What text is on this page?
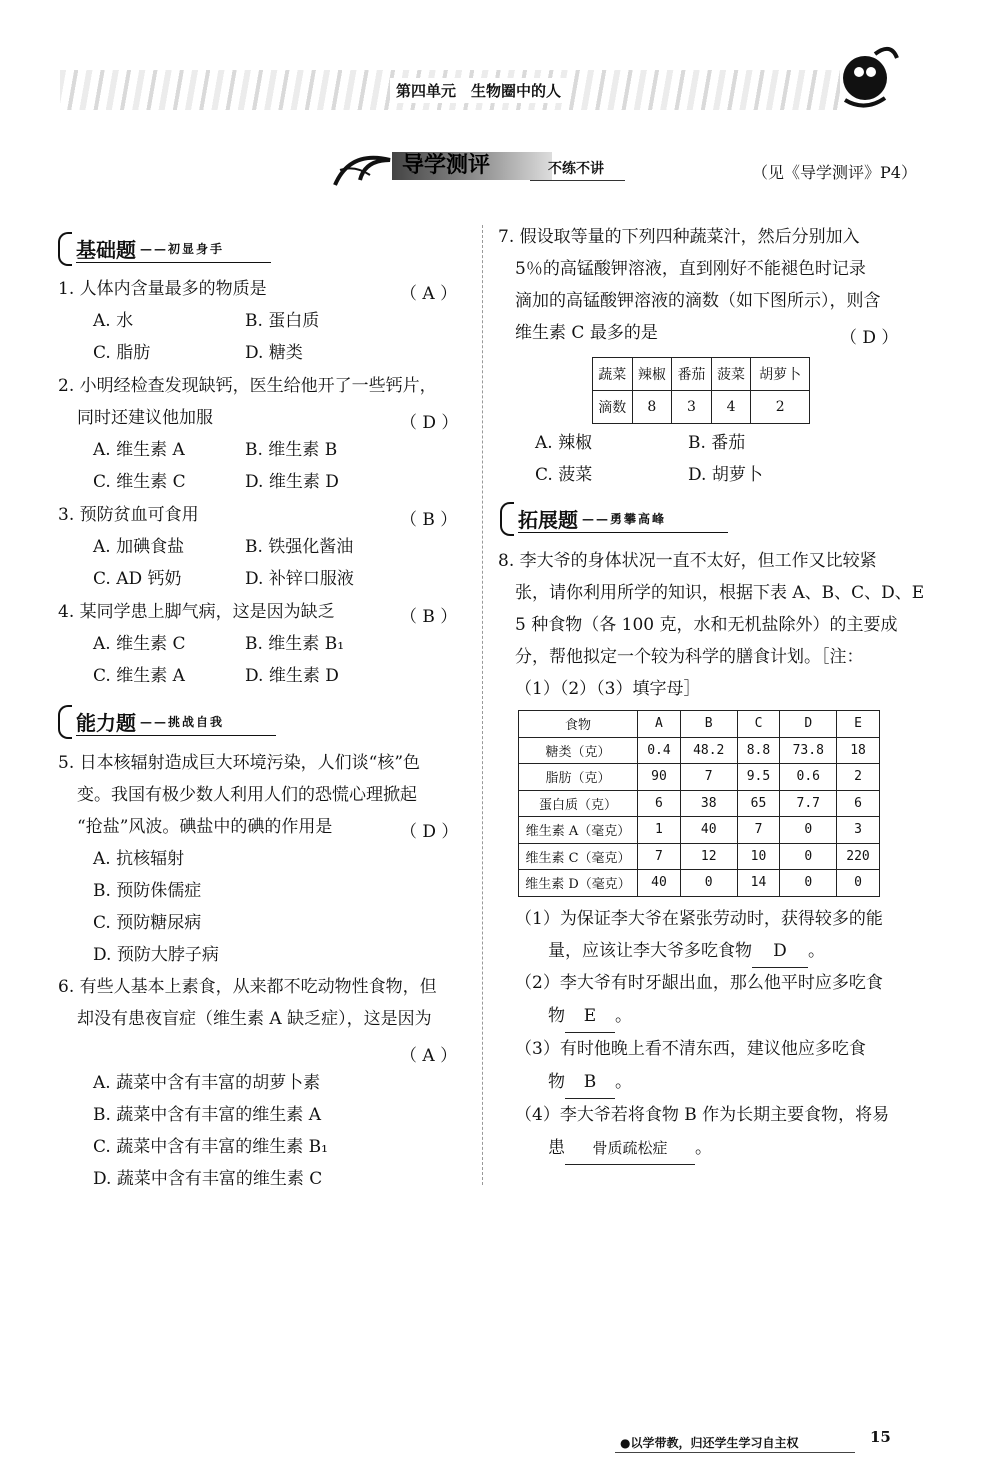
第四单元　生物圈中的人
导学测评	不练不讲	（见《导学测评》P4）
基础题 ——初显身手
1. 人体内含量最多的物质是	（ A ）
A. 水	B. 蛋白质
C. 脂肪	D. 糖类
2. 小明经检查发现缺钙，医生给他开了一些钙片，
同时还建议他加服	（ D ）
A. 维生素 A	B. 维生素 B
C. 维生素 C	D. 维生素 D
3. 预防贫血可食用	（ B ）
A. 加碘食盐	B. 铁强化酱油
C. AD 钙奶	D. 补锌口服液
4. 某同学患上脚气病，这是因为缺乏	（ B ）
A. 维生素 C	B. 维生素 B₁
C. 维生素 A	D. 维生素 D
能力题 ——挑战自我
5. 日本核辐射造成巨大环境污染，人们谈“核”色
变。我国有极少数人利用人们的恐慌心理掀起
“抢盐”风波。碘盐中的碘的作用是	（ D ）
A. 抗核辐射
B. 预防侏儒症
C. 预防糖尿病
D. 预防大脖子病
6. 有些人基本上素食，从来都不吃动物性食物，但
却没有患夜盲症（维生素 A 缺乏症），这是因为
（ A ）
A. 蔬菜中含有丰富的胡萝卜素
B. 蔬菜中含有丰富的维生素 A
C. 蔬菜中含有丰富的维生素 B₁
D. 蔬菜中含有丰富的维生素 C
7. 假设取等量的下列四种蔬菜汁，然后分别加入
5％的高锰酸钾溶液，直到刚好不能褪色时记录
滴加的高锰酸钾溶液的滴数（如下图所示），则含
维生素 C 最多的是	（ D ）
蔬菜	辣椒	番茄	菠菜	胡萝卜
滴数	8	3	4	2
A. 辣椒	B. 番茄
C. 菠菜	D. 胡萝卜
拓展题 ——勇攀高峰
8. 李大爷的身体状况一直不太好，但工作又比较紧
张，请你利用所学的知识，根据下表 A、B、C、D、E
5 种食物（各 100 克，水和无机盐除外）的主要成
分，帮他拟定一个较为科学的膳食计划。［注：
（1）（2）（3）填字母］
食物	A	B	C	D	E
糖类（克）	0.4	48.2	8.8	73.8	18
脂肪（克）	90	7	9.5	0.6	2
蛋白质（克）	6	38	65	7.7	6
维生素 A（毫克）	1	40	7	0	3
维生素 C（毫克）	7	12	10	0	220
维生素 D（毫克）	40	0	14	0	0
（1）为保证李大爷在紧张劳动时，获得较多的能
量，应该让李大爷多吃食物 D 。
（2）李大爷有时牙龈出血，那么他平时应多吃食
物 E 。
（3）有时他晚上看不清东西，建议他应多吃食
物 B 。
（4）李大爷若将食物 B 作为长期主要食物，将易
患 骨质疏松症 。
●以学带教，归还学生学习自主权	15
